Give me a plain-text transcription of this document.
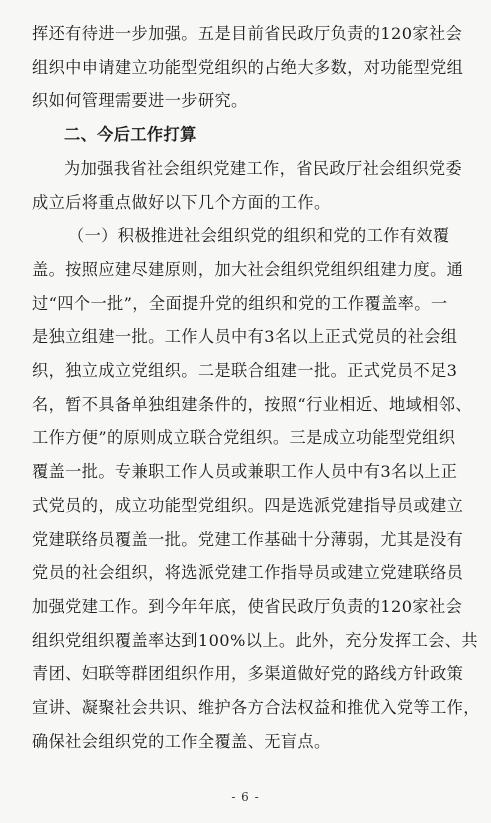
挥还有待进一步加强。五是目前省民政厅负责的120家社会
组织中申请建立功能型党组织的占绝大多数，对功能型党组
织如何管理需要进一步研究。
二、今后工作打算
为加强我省社会组织党建工作，省民政厅社会组织党委
成立后将重点做好以下几个方面的工作。
（一）积极推进社会组织党的组织和党的工作有效覆
盖。按照应建尽建原则，加大社会组织党组织组建力度。通
过“四个一批”，全面提升党的组织和党的工作覆盖率。一
是独立组建一批。工作人员中有3名以上正式党员的社会组
织，独立成立党组织。二是联合组建一批。正式党员不足3
名，暂不具备单独组建条件的，按照“行业相近、地域相邻、
工作方便”的原则成立联合党组织。三是成立功能型党组织
覆盖一批。专兼职工作人员或兼职工作人员中有3名以上正
式党员的，成立功能型党组织。四是选派党建指导员或建立
党建联络员覆盖一批。党建工作基础十分薄弱，尤其是没有
党员的社会组织，将选派党建工作指导员或建立党建联络员
加强党建工作。到今年年底，使省民政厅负责的120家社会
组织党组织覆盖率达到100%以上。此外，充分发挥工会、共
青团、妇联等群团组织作用，多渠道做好党的路线方针政策
宣讲、凝聚社会共识、维护各方合法权益和推优入党等工作，
确保社会组织党的工作全覆盖、无盲点。
- 6 -
